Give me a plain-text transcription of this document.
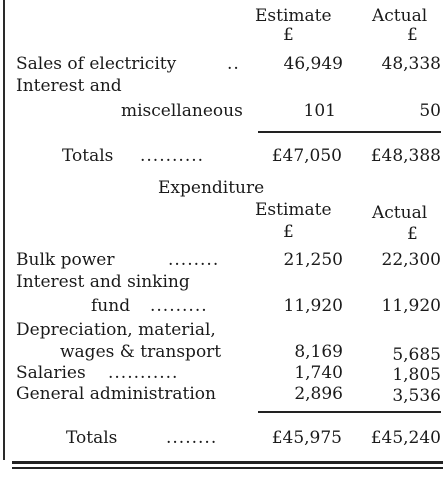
Estimate Actual
£	£
Sales of electricity	..	46,949	48,338
Interest and
miscellaneous	101	50
Totals ..........	£47,050	£48,388
Expenditure
Estimate Actual
£	£
Bulk power	........	21,250	22,300
Interest and sinking
fund .........	11,920	11,920
Depreciation, material,
wages & transport	8,169	5,685
Salaries ...........	1,740	1,805
General administration	2,896	3,536
Totals	........	£45,975	£45,240
